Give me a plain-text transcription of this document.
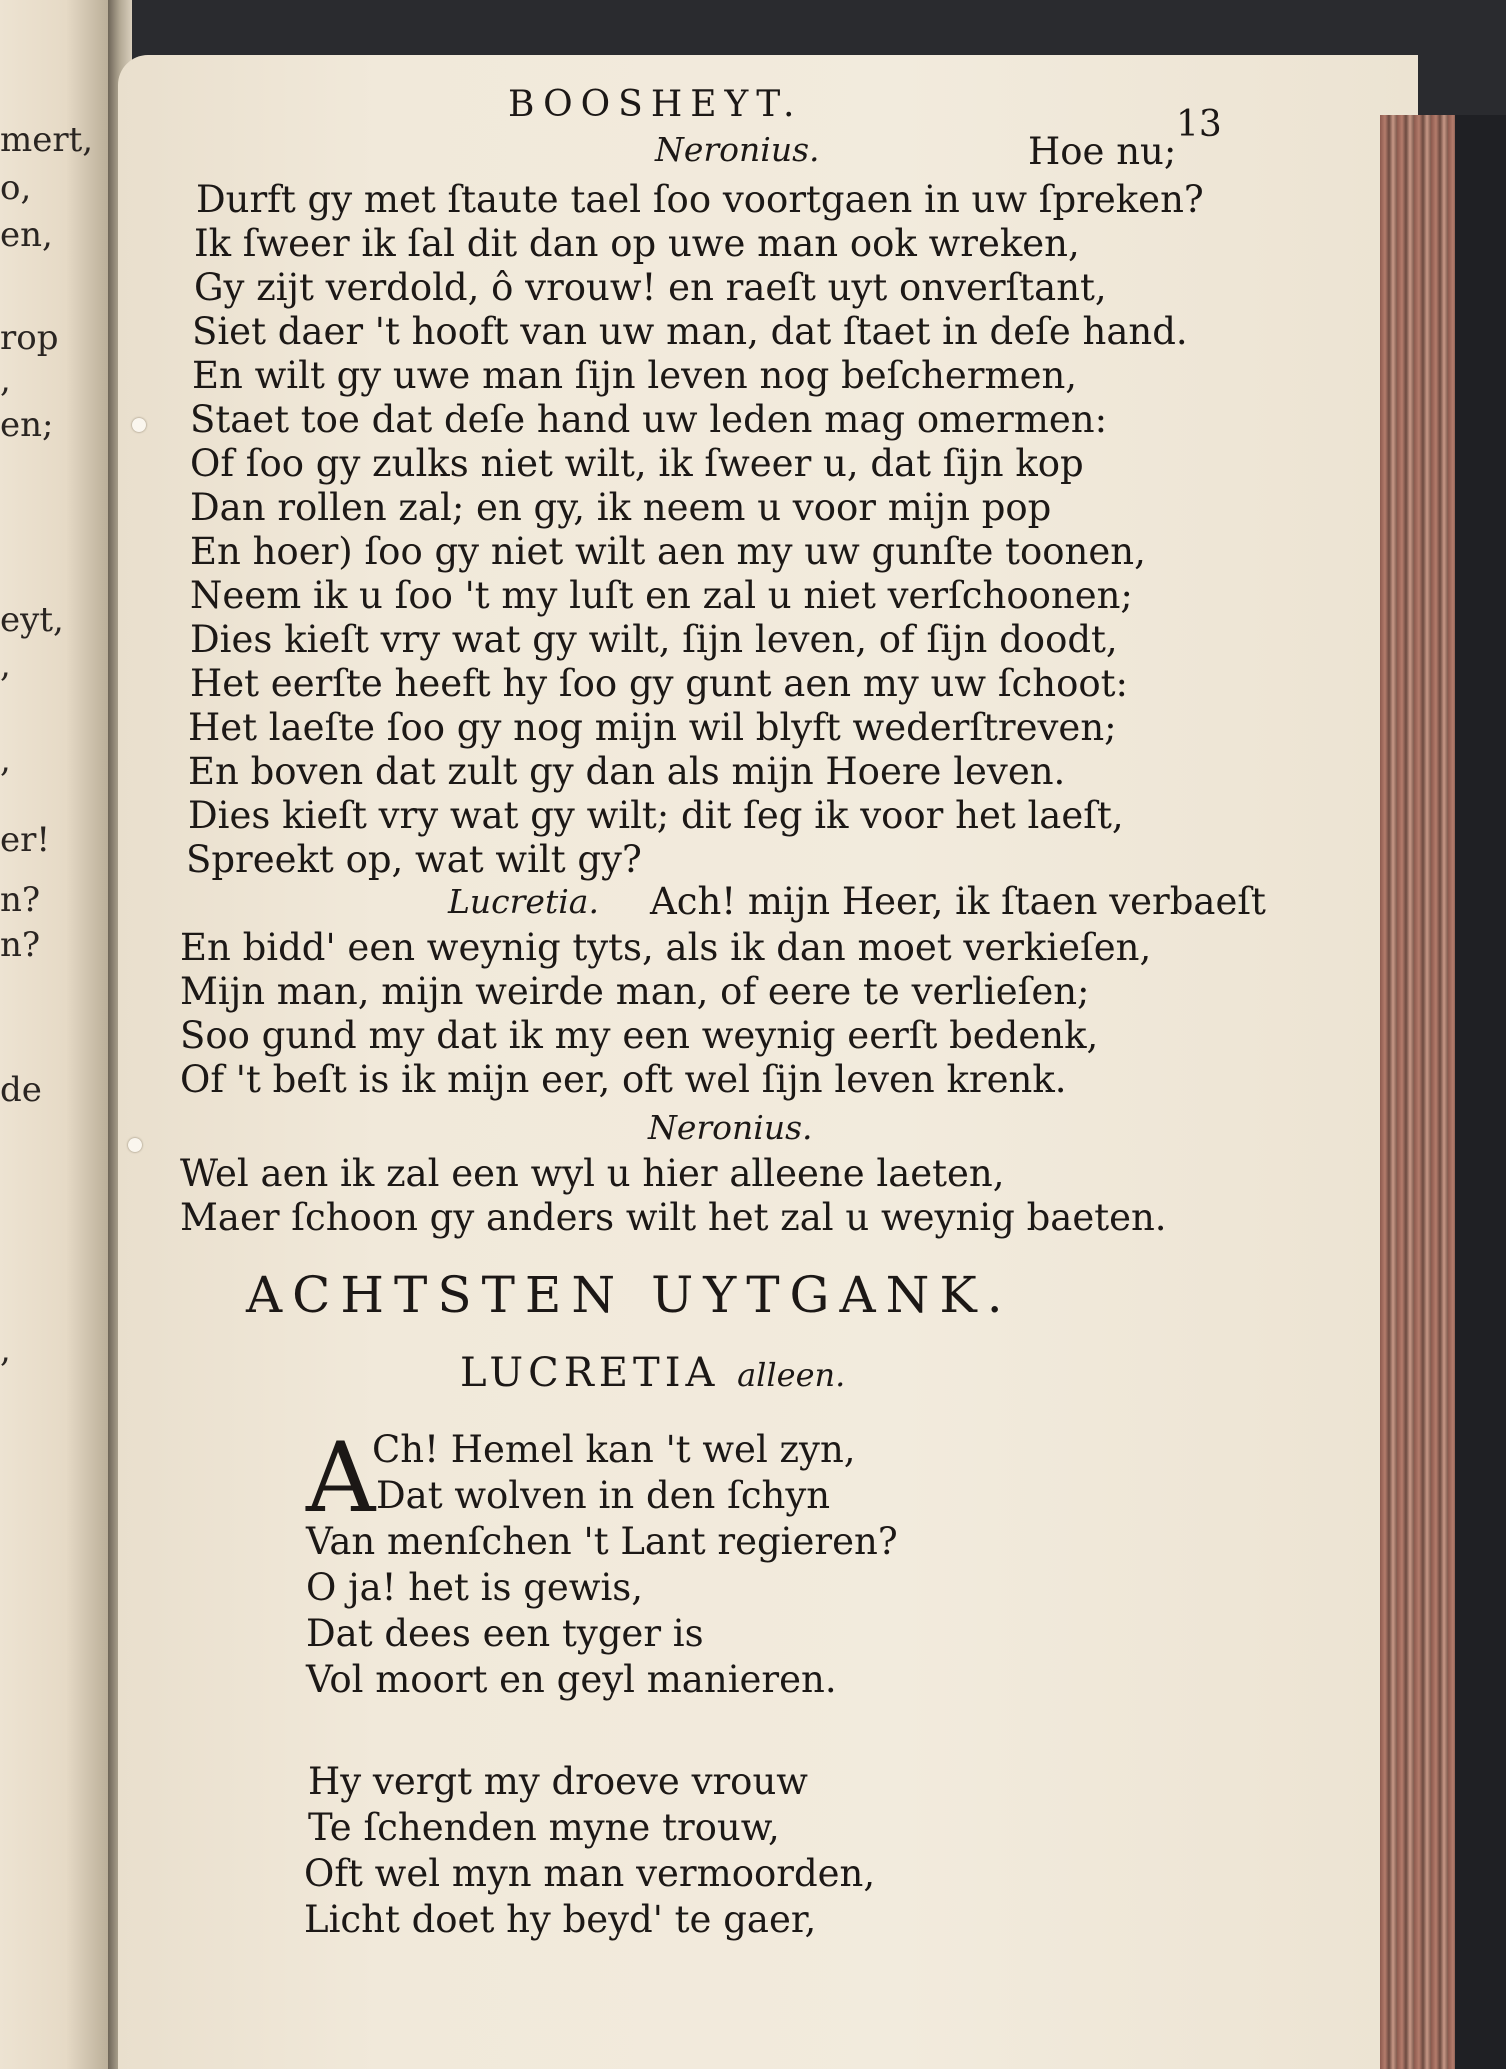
mert,
o,
en,
rop
,
en;
eyt,
,
,
er!
n?
n?
de
,
BOOSHEYT.	13
Neronius.	Hoe nu;
Durft gy met ſtaute tael ſoo voortgaen in uw ſpreken?
Ik ſweer ik ſal dit dan op uwe man ook wreken,
Gy zijt verdold, ô vrouw! en raeſt uyt onverſtant,
Siet daer 't hooft van uw man, dat ſtaet in deſe hand.
En wilt gy uwe man ſijn leven nog beſchermen,
Staet toe dat deſe hand uw leden mag omermen:
Of ſoo gy zulks niet wilt, ik ſweer u, dat ſijn kop
Dan rollen zal; en gy, ik neem u voor mijn pop
En hoer) ſoo gy niet wilt aen my uw gunſte toonen,
Neem ik u ſoo 't my luſt en zal u niet verſchoonen;
Dies kieſt vry wat gy wilt, ſijn leven, of ſijn doodt,
Het eerſte heeft hy ſoo gy gunt aen my uw ſchoot:
Het laeſte ſoo gy nog mijn wil blyft wederſtreven;
En boven dat zult gy dan als mijn Hoere leven.
Dies kieſt vry wat gy wilt; dit ſeg ik voor het laeſt,
Spreekt op, wat wilt gy?
Lucretia. Ach! mijn Heer, ik ſtaen verbaeſt
En bidd' een weynig tyts, als ik dan moet verkieſen,
Mijn man, mijn weirde man, of eere te verlieſen;
Soo gund my dat ik my een weynig eerſt bedenk,
Of 't beſt is ik mijn eer, oft wel ſijn leven krenk.
Neronius.
Wel aen ik zal een wyl u hier alleene laeten,
Maer ſchoon gy anders wilt het zal u weynig baeten.
ACHTSTEN UYTGANK.
LUCRETIA alleen.
A
Ch! Hemel kan 't wel zyn,
Dat wolven in den ſchyn
Van menſchen 't Lant regieren?
O ja! het is gewis,
Dat dees een tyger is
Vol moort en geyl manieren.
Hy vergt my droeve vrouw
Te ſchenden myne trouw,
Oft wel myn man vermoorden,
Licht doet hy beyd' te gaer,
